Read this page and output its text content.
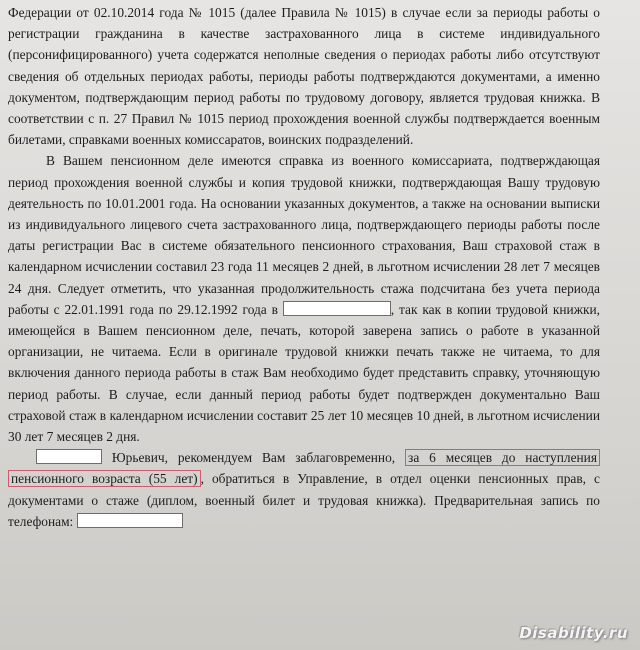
Федерации от 02.10.2014 года № 1015 (далее Правила № 1015) в случае если за периоды работы о регистрации гражданина в качестве застрахованного лица в системе индивидуального (персонифицированного) учета содержатся неполные сведения о периодах работы либо отсутствуют сведения об отдельных периодах работы, периоды работы подтверждаются документами, а именно документом, подтверждающим период работы по трудовому договору, является трудовая книжка. В соответствии с п. 27 Правил № 1015 период прохождения военной службы подтверждается военным билетами, справками военных комиссаратов, воинских подразделений.

В Вашем пенсионном деле имеются справка из военного комиссариата, подтверждающая период прохождения военной службы и копия трудовой книжки, подтверждающая Вашу трудовую деятельность по 10.01.2001 года. На основании указанных документов, а также на основании выписки из индивидуального лицевого счета застрахованного лица, подтверждающего периоды работы после даты регистрации Вас в системе обязательного пенсионного страхования, Ваш страховой стаж в календарном исчислении составил 23 года 11 месяцев 2 дней, в льготном исчислении 28 лет 7 месяцев 24 дня. Следует отметить, что указанная продолжительность стажа подсчитана без учета периода работы с 22.01.1991 года по 29.12.1992 года в	, так как в копии трудовой книжки, имеющейся в Вашем пенсионном деле, печать, которой заверена запись о работе в указанной организации, не читаема. Если в оригинале трудовой книжки печать также не читаема, то для включения данного периода работы в стаж Вам необходимо будет представить справку, уточняющую период работы. В случае, если данный период работы будет подтвержден документально Ваш страховой стаж в календарном исчислении составит 25 лет 10 месяцев 10 дней, в льготном исчислении 30 лет 7 месяцев 2 дня.

Юрьевич, рекомендуем Вам заблаговременно, за 6 месяцев до наступления пенсионного возраста (55 лет) , обратиться в Управление, в отдел оценки пенсионных прав, с документами о стаже (диплом, военный билет и трудовая книжка). Предварительная запись по телефонам:

Disability.ru
